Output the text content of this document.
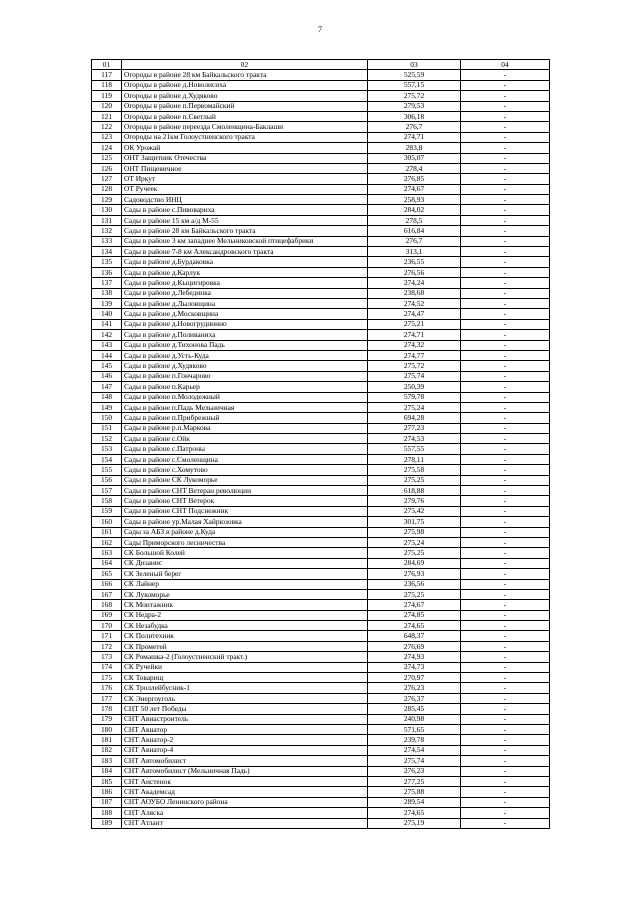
7
01	02	03	04
117	Огороды в районе 28 км Байкальского тракта	525,59	-
118	Огороды в районе д.Новолисиха	557,15	-
119	Огороды в районе д.Худяково	275,72	-
120	Огороды в районе п.Первомайский	279,53	-
121	Огороды в районе п.Светлый	306,18	-
122	Огороды в районе переезда Смоленщина-Баклаши	276,7	-
123	Огороды на 21км Голоустненского тракта	274,71	-
124	ОК Урожай	283,8	-
125	ОНТ Защитник Отечества	305,07	-
126	ОНТ Пищевичное	278,4	-
127	ОТ Иркут	276,85	-
128	ОТ Ручеек	274,67	-
129	Садоводство ИНЦ	258,93	-
130	Сады в районе с.Пивовариха	284,02	-
131	Сады в районе 15 км а/д М-55	278,5	-
132	Сады в районе 28 км Байкальского тракта	616,84	-
133	Сады в районе 3 км западнее Мельниковской птицефабрики	276,7	-
134	Сады в районе 7-8 км Александровского тракта	313,1	-
135	Сады в районе д.Бурдаковка	236,55	-
136	Сады в районе д.Карлук	276,56	-
137	Сады в районе д.Кыцигировка	274,24	-
138	Сады в районе д.Лебединка	238,68	-
139	Сады в районе д.Лыловщина	274,52	-
140	Сады в районе д.Московщина	274,47	-
141	Сады в районе д.Новогрудинино	275,21	-
142	Сады в районе д.Поливаниха	274,71	-
143	Сады в районе д.Тихонова Падь	274,32	-
144	Сады в районе д.Усть-Куда	274,77	-
145	Сады в районе д.Худяково	275,72	-
146	Сады в районе п.Гончарово	275,74	-
147	Сады в районе п.Карьер	250,39	-
148	Сады в районе п.Молодежный	579,78	-
149	Сады в районе п.Падь Мельничная	275,24	-
150	Сады в районе п.Прибрежный	694,28	-
151	Сады в районе р.п.Маркова	277,23	-
152	Сады в районе с.Ойк	274,53	-
153	Сады в районе с.Патроны	557,55	-
154	Сады в районе с.Смоленщина	278,11	-
155	Сады в районе с.Хомутово	275,58	-
156	Сады в районе СК Лукоморье	275,25	-
157	Сады в районе СНТ Ветеран революции	618,88	-
158	Сады в районе СНТ Ветерок	279,76	-
159	Сады в районе СНТ Подснежник	275,42	-
160	Сады в районе ур.Малая Хайрюзовка	301,75	-
161	Сады за АБЗ в районе д.Куда	275,98	-
162	Сады Приморского лесничества	275,24	-
163	СК Большой Колей	275,25	-
164	СК Дизанис	284,69	-
165	СК Зеленый берег	276,93	-
166	СК Лайнер	236,56	-
167	СК Лукоморье	275,25	-
168	СК Монтажник	274,67	-
169	СК Недра-2	274,85	-
170	СК Незабудка	274,65	-
171	СК Политехник	648,37	-
172	СК Прометей	276,69	-
173	СК Ромашка-2 (Голоустненский тракт.)	274,93	-
174	СК Ручейки	274,73	-
175	СК Товарищ	270,97	-
176	СК Троллейбусник-1	276,23	-
177	СК Энергоуголь	276,37	-
178	СНТ 50 лет Победы	285,45	-
179	СНТ Авиастроитель	240,98	-
180	СНТ Авиатор	571,65	-
181	СНТ Авиатор-2	239,78	-
182	СНТ Авиатор-4	274,54	-
183	СНТ Автомобилист	275,74	-
184	СНТ Автомобилист (Мельничная Падь)	276,23	-
185	СНТ Аистенок	277,25	-
186	СНТ Академсад	275,88	-
187	СНТ АОУБО Ленинского района	289,54	-
188	СНТ Аляска	274,65	-
189	СНТ Атлант	275,19	-
